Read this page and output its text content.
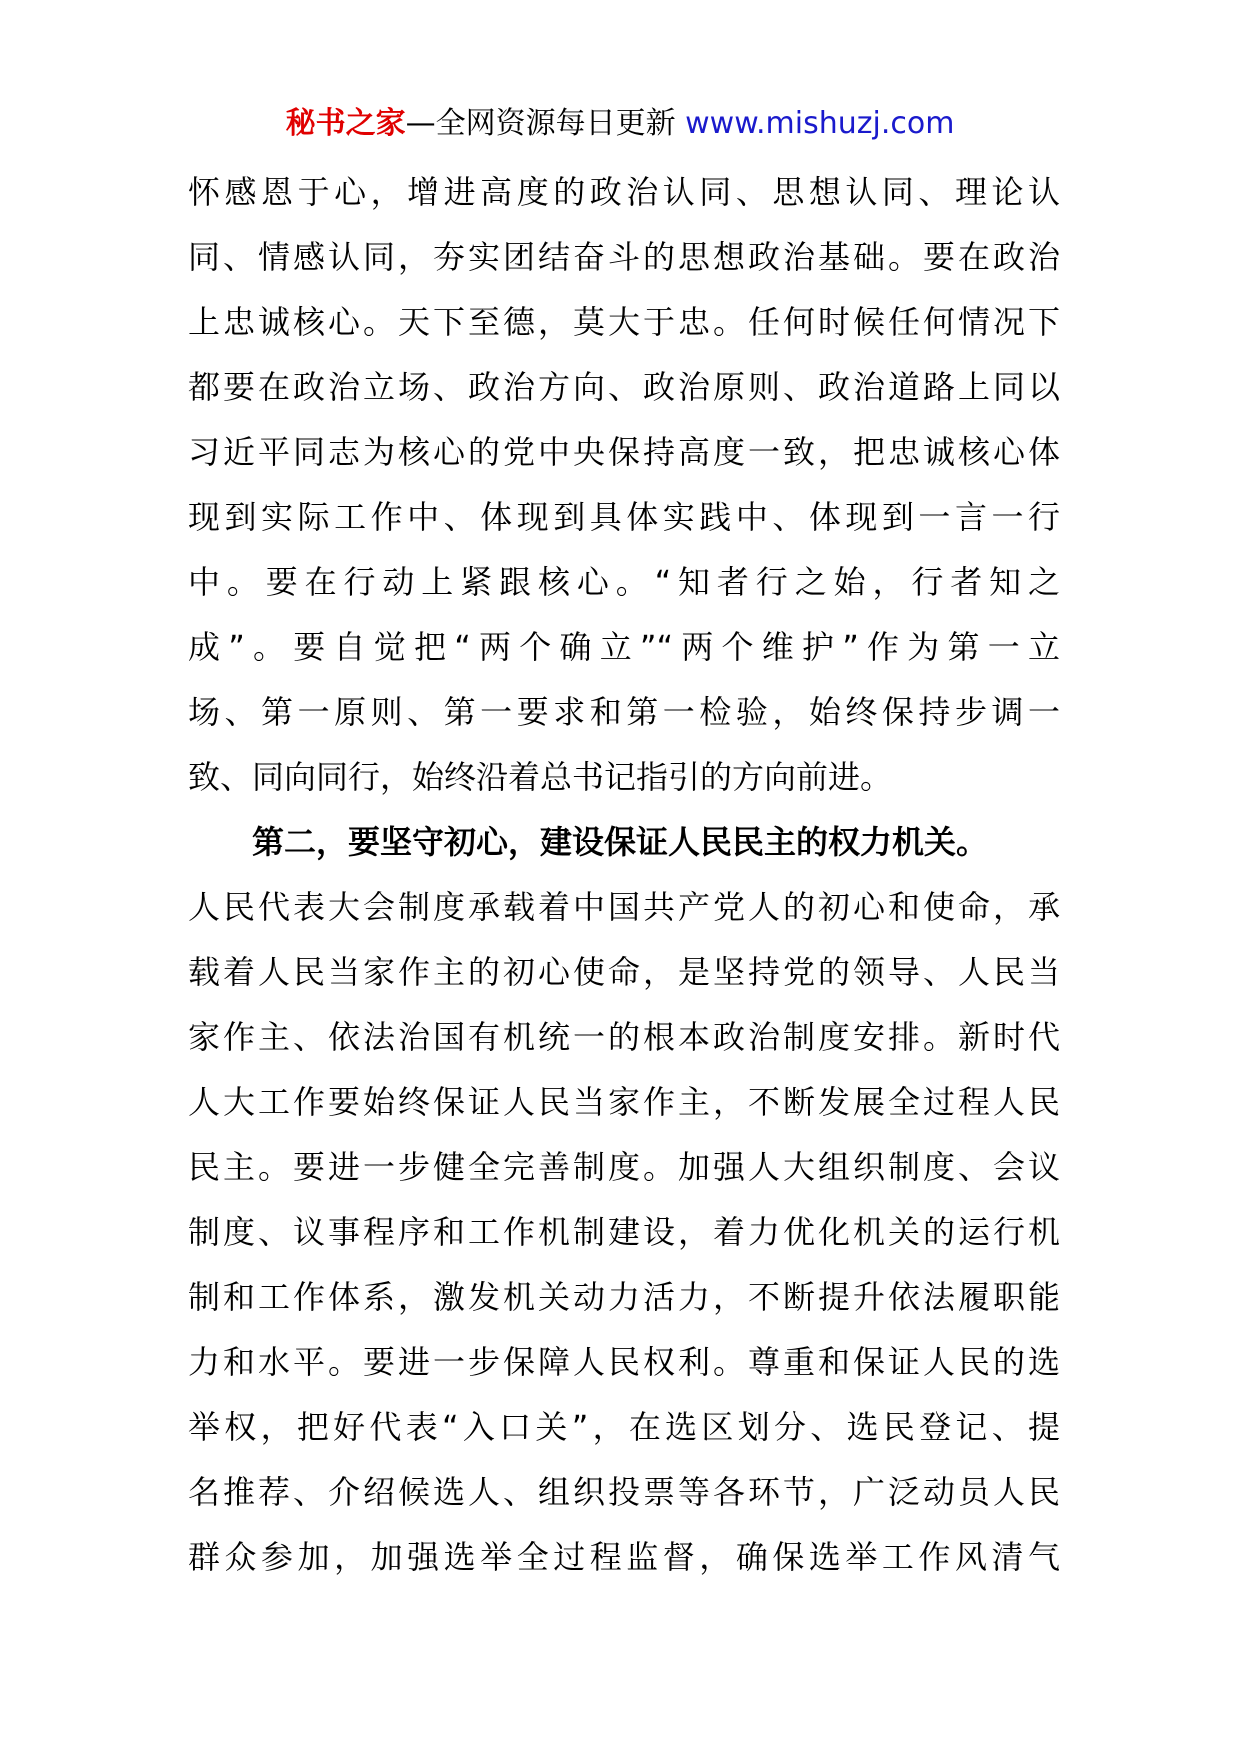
秘书之家—全网资源每日更新 www.mishuzj.com
怀感恩于心，增进高度的政治认同、思想认同、理论认
同、情感认同，夯实团结奋斗的思想政治基础。要在政治
上忠诚核心。天下至德，莫大于忠。任何时候任何情况下
都要在政治立场、政治方向、政治原则、政治道路上同以
习近平同志为核心的党中央保持高度一致，把忠诚核心体
现到实际工作中、体现到具体实践中、体现到一言一行
中。要在行动上紧跟核心。“知者行之始，行者知之
成”。要自觉把“两个确立”“两个维护”作为第一立
场、第一原则、第一要求和第一检验，始终保持步调一
致、同向同行，始终沿着总书记指引的方向前进。
第二，要坚守初心，建设保证人民民主的权力机关。
人民代表大会制度承载着中国共产党人的初心和使命，承
载着人民当家作主的初心使命，是坚持党的领导、人民当
家作主、依法治国有机统一的根本政治制度安排。新时代
人大工作要始终保证人民当家作主，不断发展全过程人民
民主。要进一步健全完善制度。加强人大组织制度、会议
制度、议事程序和工作机制建设，着力优化机关的运行机
制和工作体系，激发机关动力活力，不断提升依法履职能
力和水平。要进一步保障人民权利。尊重和保证人民的选
举权，把好代表“入口关”，在选区划分、选民登记、提
名推荐、介绍候选人、组织投票等各环节，广泛动员人民
群众参加，加强选举全过程监督，确保选举工作风清气
